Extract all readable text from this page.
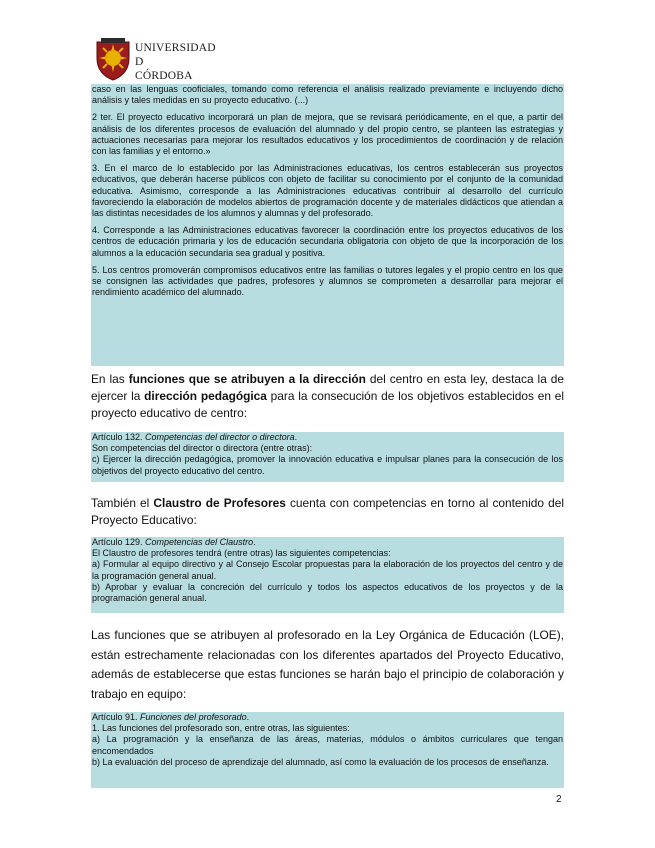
UNIVERSIDAD
D
CÓRDOBA

caso en las lenguas cooficiales, tomando como referencia el análisis realizado previamente e incluyendo dicho análisis y tales medidas en su proyecto educativo. (...)

2 ter. El proyecto educativo incorporará un plan de mejora, que se revisará periódicamente, en el que, a partir del análisis de los diferentes procesos de evaluación del alumnado y del propio centro, se planteen las estrategias y actuaciones necesarias para mejorar los resultados educativos y los procedimientos de coordinación y de relación con las familias y el entorno.»

3. En el marco de lo establecido por las Administraciones educativas, los centros establecerán sus proyectos educativos, que deberán hacerse públicos con objeto de facilitar su conocimiento por el conjunto de la comunidad educativa. Asimismo, corresponde a las Administraciones educativas contribuir al desarrollo del currículo favoreciendo la elaboración de modelos abiertos de programación docente y de materiales didácticos que atiendan a las distintas necesidades de los alumnos y alumnas y del profesorado.

4. Corresponde a las Administraciones educativas favorecer la coordinación entre los proyectos educativos de los centros de educación primaria y los de educación secundaria obligatoria con objeto de que la incorporación de los alumnos a la educación secundaria sea gradual y positiva.

5. Los centros promoverán compromisos educativos entre las familias o tutores legales y el propio centro en los que se consignen las actividades que padres, profesores y alumnos se comprometen a desarrollar para mejorar el rendimiento académico del alumnado.

En las funciones que se atribuyen a la dirección del centro en esta ley, destaca la de ejercer la dirección pedagógica para la consecución de los objetivos establecidos en el proyecto educativo de centro:

Artículo 132. Competencias del director o directora.

Son competencias del director o directora (entre otras):

c) Ejercer la dirección pedagógica, promover la innovación educativa e impulsar planes para la consecución de los objetivos del proyecto educativo del centro.

También el Claustro de Profesores cuenta con competencias en torno al contenido del Proyecto Educativo:

Artículo 129. Competencias del Claustro.

El Claustro de profesores tendrá (entre otras) las siguientes competencias:

a) Formular al equipo directivo y al Consejo Escolar propuestas para la elaboración de los proyectos del centro y de la programación general anual.

b) Aprobar y evaluar la concreción del currículo y todos los aspectos educativos de los proyectos y de la programación general anual.

Las funciones que se atribuyen al profesorado en la Ley Orgánica de Educación (LOE), están estrechamente relacionadas con los diferentes apartados del Proyecto Educativo, además de establecerse que estas funciones se harán bajo el principio de colaboración y trabajo en equipo:

Artículo 91. Funciones del profesorado.

1. Las funciones del profesorado son, entre otras, las siguientes:

a) La programación y la enseñanza de las áreas, materias, módulos o ámbitos curriculares que tengan encomendados

b) La evaluación del proceso de aprendizaje del alumnado, así como la evaluación de los procesos de enseñanza.

2
